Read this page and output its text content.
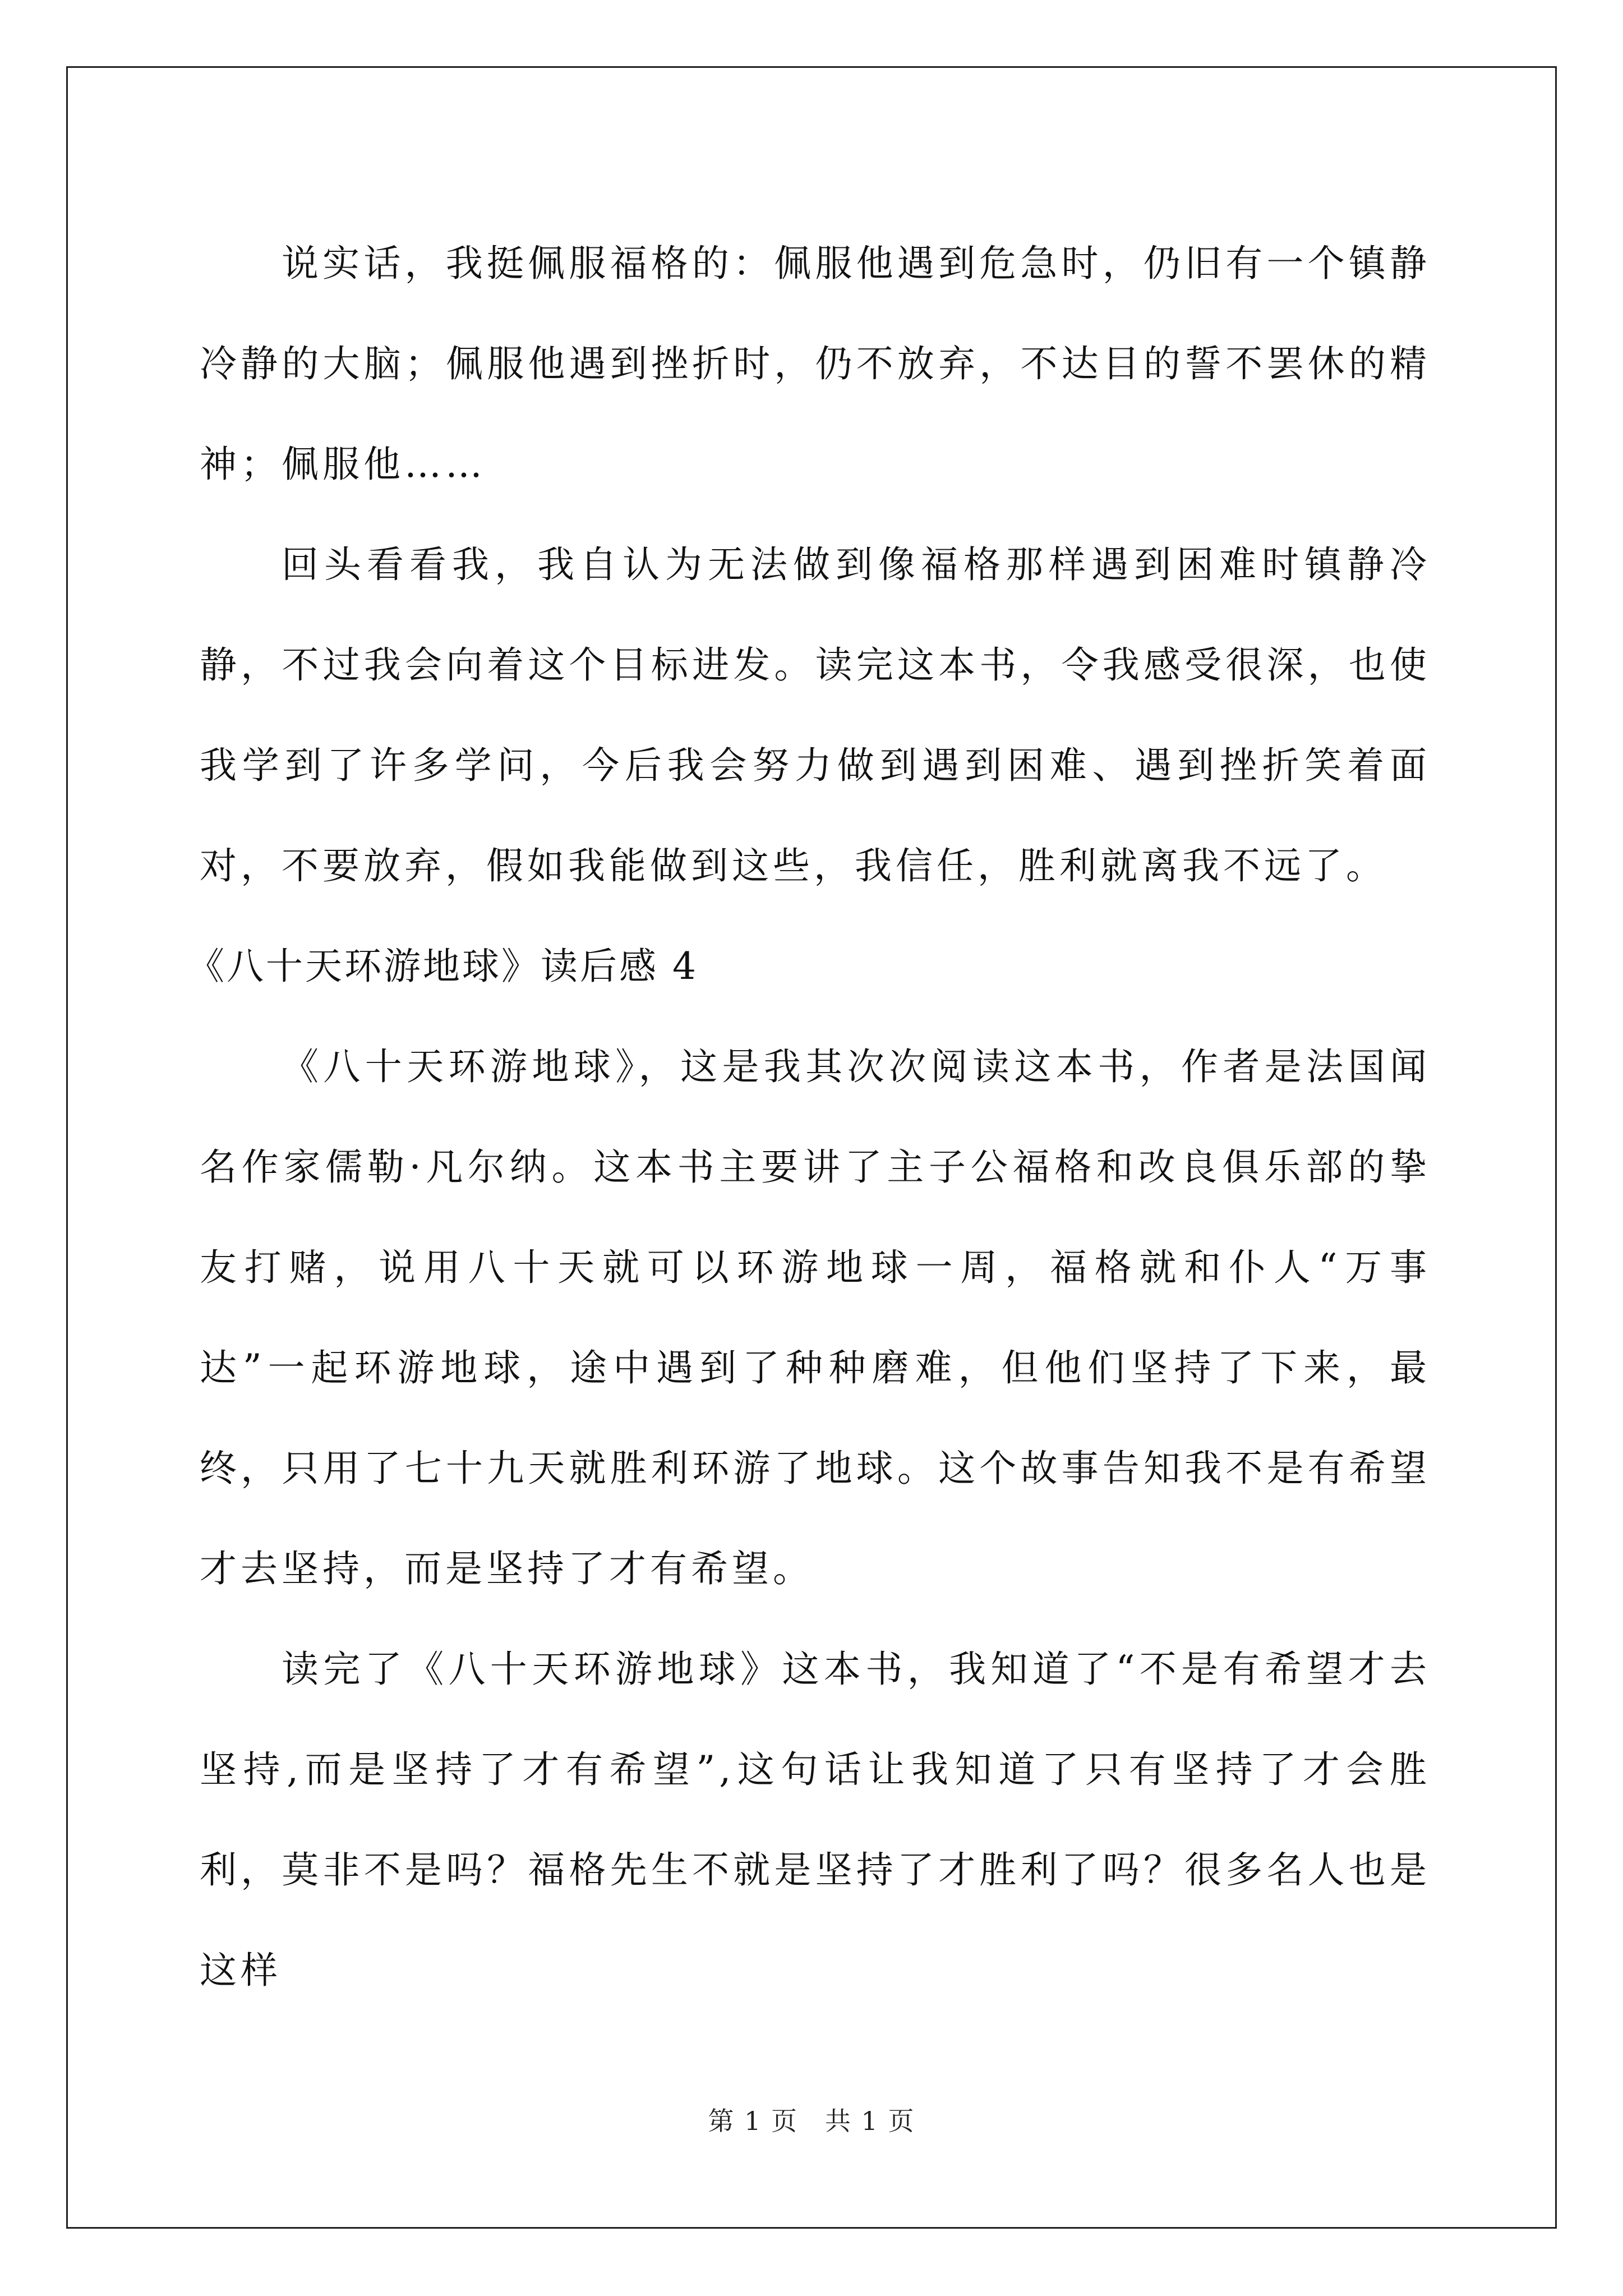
说实话，我挺佩服福格的：佩服他遇到危急时，仍旧有一个镇静冷静的大脑；佩服他遇到挫折时，仍不放弃，不达目的誓不罢休的精神；佩服他……

回头看看我，我自认为无法做到像福格那样遇到困难时镇静冷静，不过我会向着这个目标进发。读完这本书，令我感受很深，也使我学到了许多学问，今后我会努力做到遇到困难、遇到挫折笑着面对，不要放弃，假如我能做到这些，我信任，胜利就离我不远了。

《八十天环游地球》读后感 4

《八十天环游地球》，这是我其次次阅读这本书，作者是法国闻名作家儒勒·凡尔纳。这本书主要讲了主子公福格和改良俱乐部的挚友打赌，说用八十天就可以环游地球一周，福格就和仆人“万事达”一起环游地球，途中遇到了种种磨难，但他们坚持了下来，最终，只用了七十九天就胜利环游了地球。这个故事告知我不是有希望才去坚持，而是坚持了才有希望。

读完了《八十天环游地球》这本书，我知道了“不是有希望才去坚持,而是坚持了才有希望”,这句话让我知道了只有坚持了才会胜利，莫非不是吗？福格先生不就是坚持了才胜利了吗？很多名人也是这样

第 1 页　共 1 页
